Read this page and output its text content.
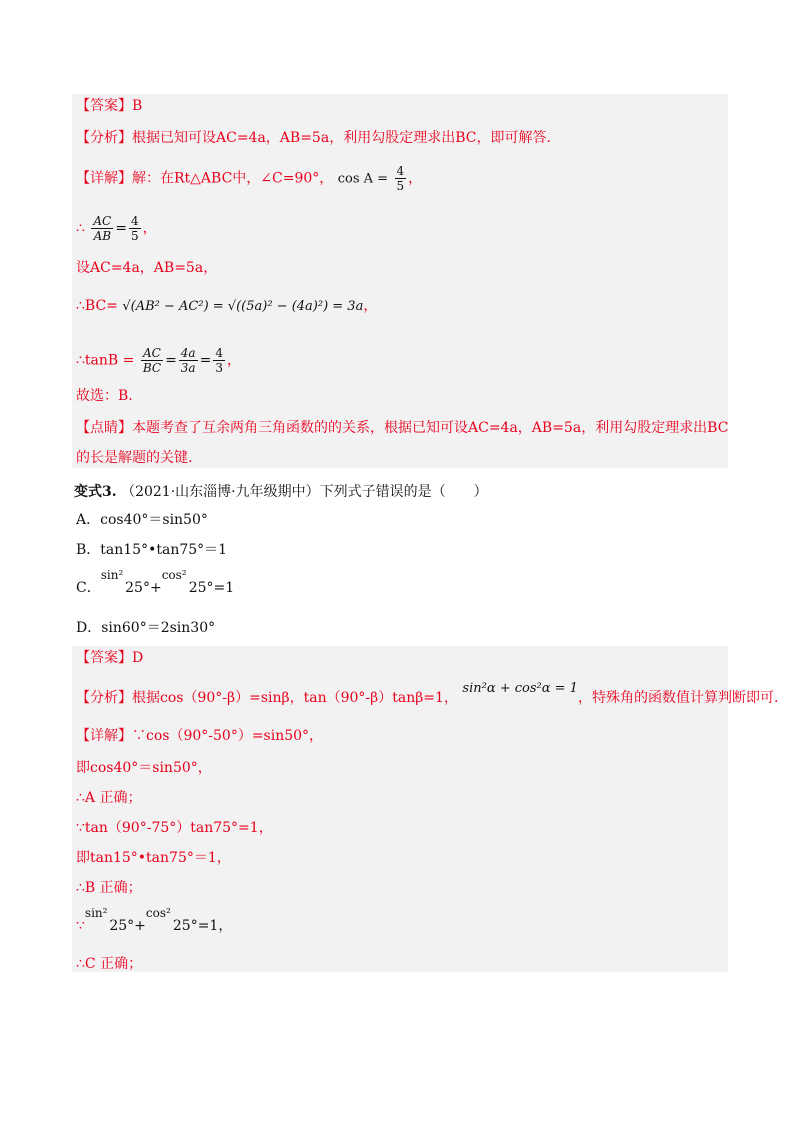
【答案】B
【分析】根据已知可设AC=4a，AB=5a，利用勾股定理求出BC，即可解答.
【详解】解：在Rt△ABC中，∠C=90°， $\cos A = \frac{4}{5}$ ，
∴ $\frac{AC}{AB} = \frac{4}{5}$ ，
设AC=4a，AB=5a，
∴BC= √(AB² − AC²) = √((5a)² − (4a)²) = 3a，
∴tanB = $\frac{AC}{BC} = \frac{4a}{3a} = \frac{4}{3}$ ，
故选：B.
【点睛】本题考查了互余两角三角函数的的关系，根据已知可设AC=4a，AB=5a，利用勾股定理求出BC
的长是解题的关键.
变式3. （2021·山东淄博·九年级期中）下列式子错误的是（　　）
A．cos40°＝sin50°
B．tan15°•tan75°＝1
C．
sin²
25°+
cos²
25°=1
D．sin60°＝2sin30°
【答案】D
【分析】根据cos（90°-β）=sinβ，tan（90°-β）tanβ=1， sin²α + cos²α = 1，特殊角的函数值计算判断即可.
【详解】∵cos（90°-50°）=sin50°，
即cos40°＝sin50°，
∴A 正确；
∵tan（90°-75°）tan75°=1，
即tan15°•tan75°＝1，
∴B 正确；
∵
sin²
25°+
cos²
25°=1，
∴C 正确；
